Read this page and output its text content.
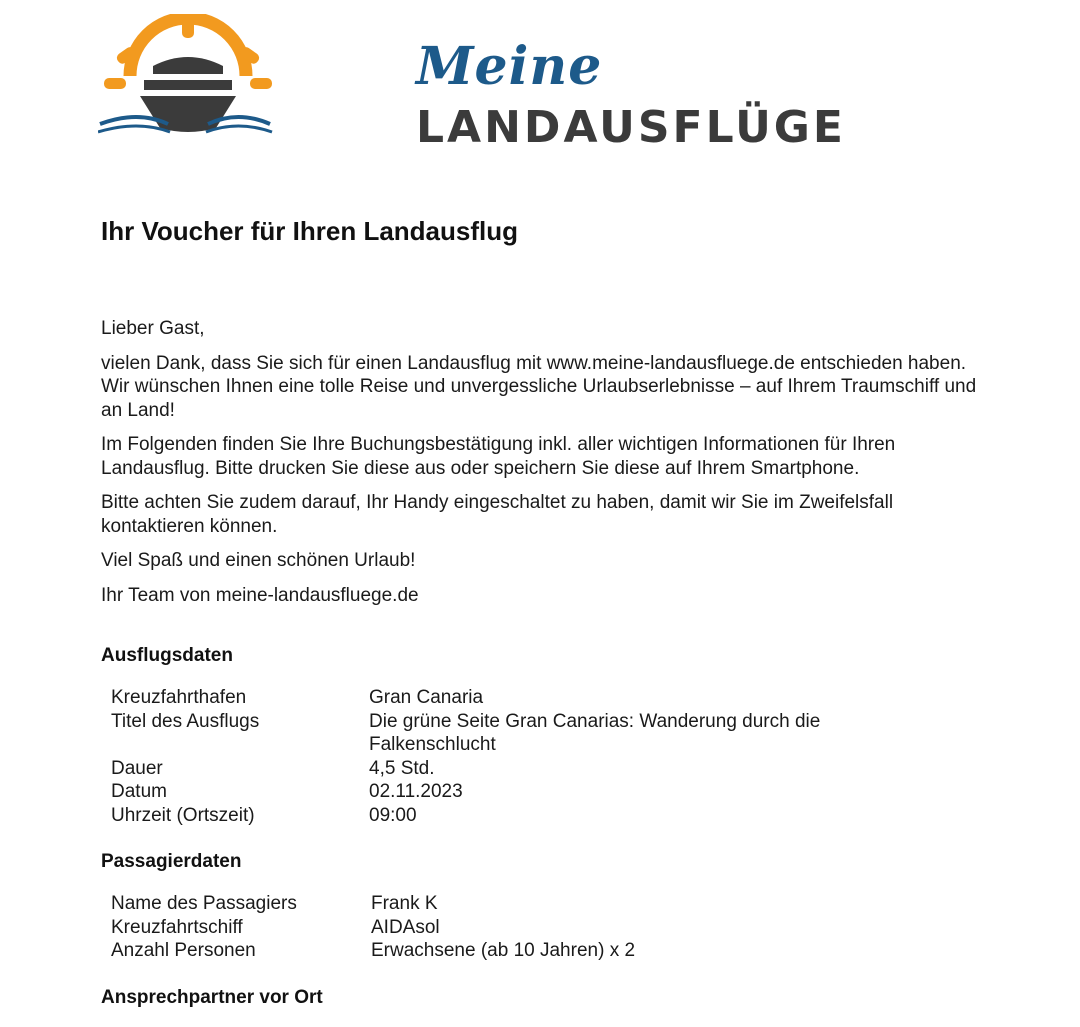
Meine
LANDAUSFLÜGE
Ihr Voucher für Ihren Landausflug

Lieber Gast,

vielen Dank, dass Sie sich für einen Landausflug mit www.meine-landausfluege.de entschieden haben. Wir wünschen Ihnen eine tolle Reise und unvergessliche Urlaubserlebnisse – auf Ihrem Traumschiff und an Land!

Im Folgenden finden Sie Ihre Buchungsbestätigung inkl. aller wichtigen Informationen für Ihren Landausflug. Bitte drucken Sie diese aus oder speichern Sie diese auf Ihrem Smartphone.

Bitte achten Sie zudem darauf, Ihr Handy eingeschaltet zu haben, damit wir Sie im Zweifelsfall kontaktieren können.

Viel Spaß und einen schönen Urlaub!

Ihr Team von meine-landausfluege.de

Ausflugsdaten
Kreuzfahrthafen	Gran Canaria
Titel des Ausflugs	Die grüne Seite Gran Canarias: Wanderung durch die Falkenschlucht
Dauer	4,5 Std.
Datum	02.11.2023
Uhrzeit (Ortszeit)	09:00
Passagierdaten
Name des Passagiers	Frank K
Kreuzfahrtschiff	AIDAsol
Anzahl Personen	Erwachsene (ab 10 Jahren) x 2
Ansprechpartner vor Ort
